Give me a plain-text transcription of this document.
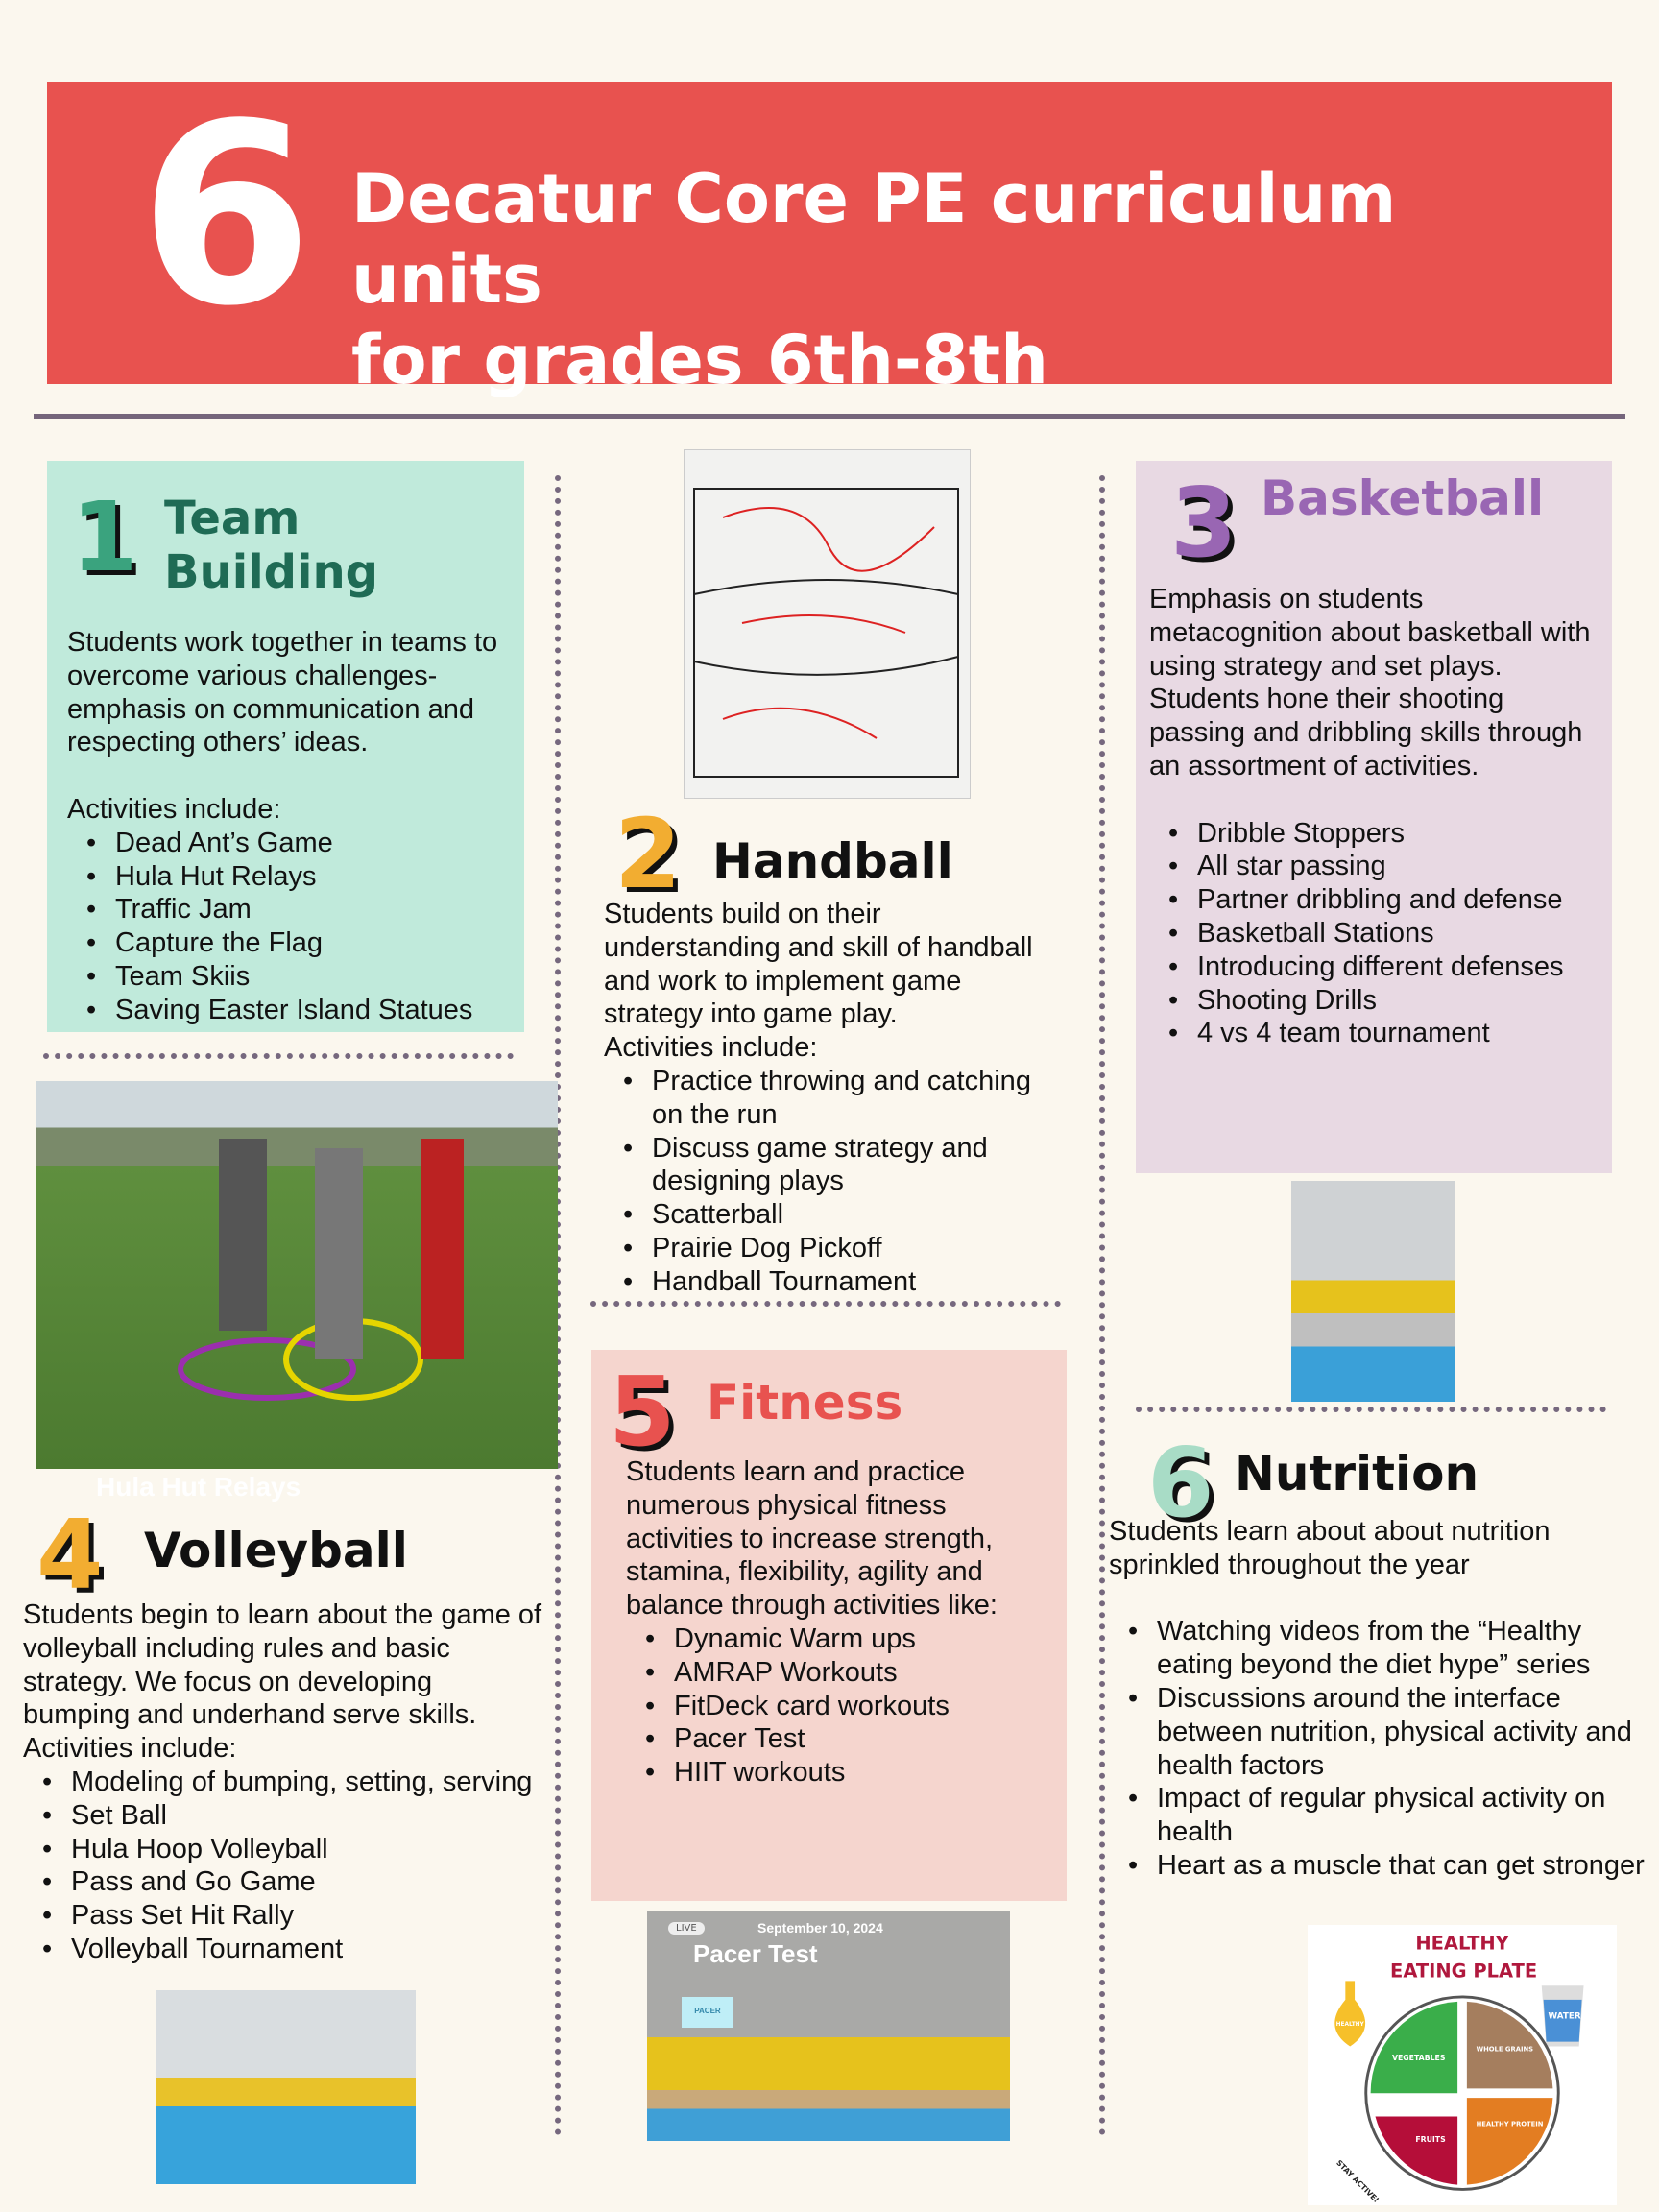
6 Decatur Core PE curriculum units
for grades 6th-8th
1 Team
Building

Students work together in teams to overcome various challenges- emphasis on communication and respecting others’ ideas.

Activities include:

• Dead Ant’s Game
• Hula Hut Relays
• Traffic Jam
• Capture the Flag
• Team Skiis
• Saving Easter Island Statues
Hula Hut Relays
4 Volleyball

Students begin to learn about the game of volleyball including rules and basic strategy. We focus on developing bumping and underhand serve skills. Activities include:

• Modeling of bumping, setting, serving
• Set Ball
• Hula Hoop Volleyball
• Pass and Go Game
• Pass Set Hit Rally
• Volleyball Tournament
2 Handball

Students build on their understanding and skill of handball and work to implement game strategy into game play.

Activities include:

• Practice throwing and catching on the run
• Discuss game strategy and designing plays
• Scatterball
• Prairie Dog Pickoff
• Handball Tournament
5 Fitness

Students learn and practice numerous physical fitness activities to increase strength, stamina, flexibility, agility and balance through activities like:

• Dynamic Warm ups
• AMRAP Workouts
• FitDeck card workouts
• Pacer Test
• HIIT workouts
LIVE	September 10, 2024
Pacer Test
PACER
3 Basketball

Emphasis on students metacognition about basketball with using strategy and set plays. Students hone their shooting passing and dribbling skills through an assortment of activities.

• Dribble Stoppers
• All star passing
• Partner dribbling and defense
• Basketball Stations
• Introducing different defenses
• Shooting Drills
• 4 vs 4 team tournament
6 Nutrition

Students learn about about nutrition sprinkled throughout the year

• Watching videos from the “Healthy eating beyond the diet hype” series
• Discussions around the interface between nutrition, physical activity and health factors
• Impact of regular physical activity on health
• Heart as a muscle that can get stronger
HEALTHY
EATING PLATE
HEALTHY OILS
WATER
VEGETABLES
WHOLE GRAINS
FRUITS
HEALTHY PROTEIN
STAY ACTIVE!
